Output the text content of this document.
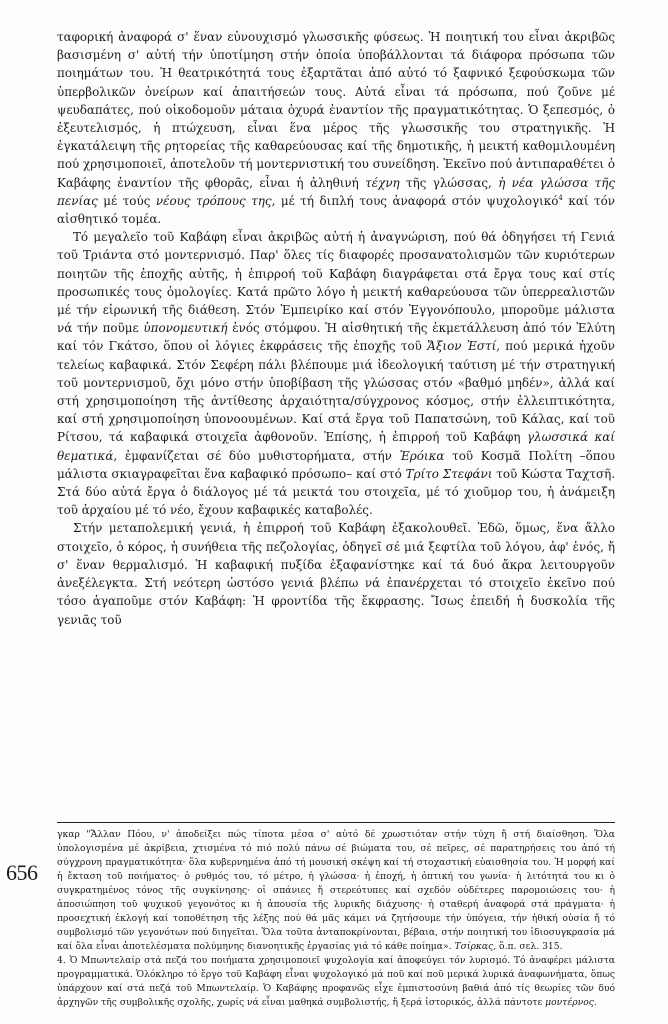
ταφορική ἀναφορά σ' ἕναν εὐνουχισμό γλωσσικῆς φύσεως. Ἡ ποιητική του εἶναι ἀκριβῶς βασισμένη σ' αὐτή τήν ὑποτίμηση στήν ὁποία ὑποβάλλονται τά διάφορα πρόσωπα τῶν ποιημάτων του. Ἡ θεατρικότητά τους ἐξαρτᾶται ἀπό αὐτό τό ξαφνικό ξεφούσκωμα τῶν ὑπερβολικῶν ὀνείρων καί ἀπαιτήσεών τους. Αὐτά εἶναι τά πρόσωπα, πού ζοῦνε μέ ψευδαπάτες, πού οἰκοδομοῦν μάταια ὀχυρά ἐναντίον τῆς πραγματικότητας. Ὁ ξεπεσμός, ὁ ἐξευτελισμός, ἡ πτώχευση, εἶναι ἕνα μέρος τῆς γλωσσικῆς του στρατηγικῆς. Ἡ ἐγκατάλειψη τῆς ρητορείας τῆς καθαρεύουσας καί τῆς δημοτικῆς, ἡ μεικτή καθομιλουμένη πού χρησιμοποιεῖ, ἀποτελοῦν τή μοντερνιστική του συνείδηση. Ἐκεῖνο πού ἀντιπαραθέτει ὁ Καβάφης ἐναντίον τῆς φθορᾶς, εἶναι ἡ ἀληθινή τέχνη τῆς γλώσσας, ἡ νέα γλώσσα τῆς πενίας μέ τούς νέους τρόπους της, μέ τή διπλή τους ἀναφορά στόν ψυχολογικό$^4$ καί τόν αἰσθητικό τομέα.

Τό μεγαλεῖο τοῦ Καβάφη εἶναι ἀκριβῶς αὐτή ἡ ἀναγνώριση, πού θά ὁδηγήσει τή Γενιά τοῦ Τριάντα στό μοντερνισμό. Παρ' ὅλες τίς διαφορές προσανατολισμῶν τῶν κυριότερων ποιητῶν τῆς ἐποχῆς αὐτῆς, ἡ ἐπιρροή τοῦ Καβάφη διαγράφεται στά ἔργα τους καί στίς προσωπικές τους ὁμολογίες. Κατά πρῶτο λόγο ἡ μεικτή καθαρεύουσα τῶν ὑπερρεαλιστῶν μέ τήν εἰρωνική τῆς διάθεση. Στόν Ἐμπειρίκο καί στόν Ἐγγονόπουλο, μποροῦμε μάλιστα νά τήν ποῦμε ὑπονομευτική ἑνός στόμφου. Ἡ αἰσθητική τῆς ἐκμετάλλευση ἀπό τόν Ἐλύτη καί τόν Γκάτσο, ὅπου οἱ λόγιες ἐκφράσεις τῆς ἐποχῆς τοῦ Ἄξιον Ἐστί, πού μερικά ἠχοῦν τελείως καβαφικά. Στόν Σεφέρη πάλι βλέπουμε μιά ἰδεολογική ταύτιση μέ τήν στρατηγική τοῦ μοντερνισμοῦ, ὄχι μόνο στήν ὑποβίβαση τῆς γλώσσας στόν «βαθμό μηδέν», ἀλλά καί στή χρησιμοποίηση τῆς ἀντίθεσης ἀρχαιότητα/σύγχρονος κόσμος, στήν ἐλλειπτικότητα, καί στή χρησιμοποίηση ὑπονοουμένων. Καί στά ἔργα τοῦ Παπατσώνη, τοῦ Κάλας, καί τοῦ Ρίτσου, τά καβαφικά στοιχεῖα ἀφθονοῦν. Ἐπίσης, ἡ ἐπιρροή τοῦ Καβάφη γλωσσικά καί θεματικά, ἐμφανίζεται σέ δύο μυθιστορήματα, στήν Ἐρόικα τοῦ Κοσμᾶ Πολίτη –ὅπου μάλιστα σκιαγραφεῖται ἕνα καβαφικό πρόσωπο– καί στό Τρίτο Στεφάνι τοῦ Κώστα Ταχτσῆ. Στά δύο αὐτά ἔργα ὁ διάλογος μέ τά μεικτά του στοιχεῖα, μέ τό χιοῦμορ του, ἡ ἀνάμειξη τοῦ ἀρχαίου μέ τό νέο, ἔχουν καβαφικές καταβολές.

Στήν μεταπολεμική γενιά, ἡ ἐπιρροή τοῦ Καβάφη ἐξακολουθεῖ. Ἐδῶ, ὅμως, ἕνα ἄλλο στοιχεῖο, ὁ κόρος, ἡ συνήθεια τῆς πεζολογίας, ὁδηγεῖ σέ μιά ξεφτίλα τοῦ λόγου, ἀφ' ἑνός, ἤ σ' ἕναν θερμαλισμό. Ἡ καβαφική πυξίδα ἐξαφανίστηκε καί τά δυό ἄκρα λειτουργοῦν ἀνεξέλεγκτα. Στή νεότερη ὡστόσο γενιά βλέπω νά ἐπανέρχεται τό στοιχεῖο ἐκεῖνο πού τόσο ἀγαποῦμε στόν Καβάφη: Ἡ φροντίδα τῆς ἔκφρασης. Ἴσως ἐπειδή ἡ δυσκολία τῆς γενιᾶς τοῦ

γκαρ "Ἄλλαν Πόου, ν' ἀποδείξει πώς τίποτα μέσα σ' αὐτό δέ χρωστιόταν στήν τύχη ἤ στή διαίσθηση. Ὅλα ὑπολογισμένα μέ ἀκρίβεια, χτισμένα τό πιό πολύ πάνω σέ βιώματα του, σέ πεῖρες, σέ παρατηρήσεις του ἀπό τή σύγχρονη πραγματικότητα· ὅλα κυβερνημένα ἀπό τή μουσική σκέψη καί τή στοχαστική εὐαισθησία του. Ἡ μορφή καί ἡ ἔκταση τοῦ ποιήματος· ὁ ρυθμός του, τό μέτρο, ἡ γλώσσα· ἡ ἐποχή, ἡ ὀπτική του γωνία· ἡ λιτότητά του κι ὁ συγκρατημένος τόνος τῆς συγκίνησης· οἱ σπάνιες ἤ στερεότυπες καί σχεδόν οὐδέτερες παρομοιώσεις του· ἡ ἀποσιώπηση τοῦ ψυχικοῦ γεγονότος κι ἡ ἀπουσία τῆς λυρικῆς διάχυσης· ἡ σταθερή ἀναφορά στά πράγματα· ἡ προσεχτική ἐκλογή καί τοποθέτηση τῆς λέξης πού θά μᾶς κάμει νά ζητήσουμε τήν ὑπόγεια, τήν ἠθική οὐσία ἤ τό συμβολισμό τῶν γεγονότων πού διηγεῖται. Ὅλα τοῦτα ἀνταποκρίνονται, βέβαια, στήν ποιητική του ἰδιοσυγκρασία μά καί ὅλα εἶναι ἀποτελέσματα πολύμηνης διανοητικῆς ἐργασίας γιά τό κάθε ποίημα». Τσίρκας, ὅ.π. σελ. 315.

4. Ὁ Μπωντελαίρ στά πεζά του ποιήματα χρησιμοποιεῖ ψυχολογία καί ἀποφεύγει τόν λυρισμό. Τό ἀναφέρει μάλιστα προγραμματικά. Ὁλόκληρο τό ἔργο τοῦ Καβάφη εἶναι ψυχολογικό μά ποῦ καί ποῦ μερικά λυρικά ἀναφωνήματα, ὅπως ὑπάρχουν καί στά πεζά τοῦ Μπωντελαίρ. Ὁ Καβάφης προφανῶς εἶχε ἐμπιστοσύνη βαθιά ἀπό τίς θεωρίες τῶν δυό ἀρχηγῶν τῆς συμβολικῆς σχολῆς, χωρίς νά εἶναι μαθηκά συμβολιστής, ἤ ξερά ἰστορικός, ἀλλά πάντοτε μοντέρνος.

656
